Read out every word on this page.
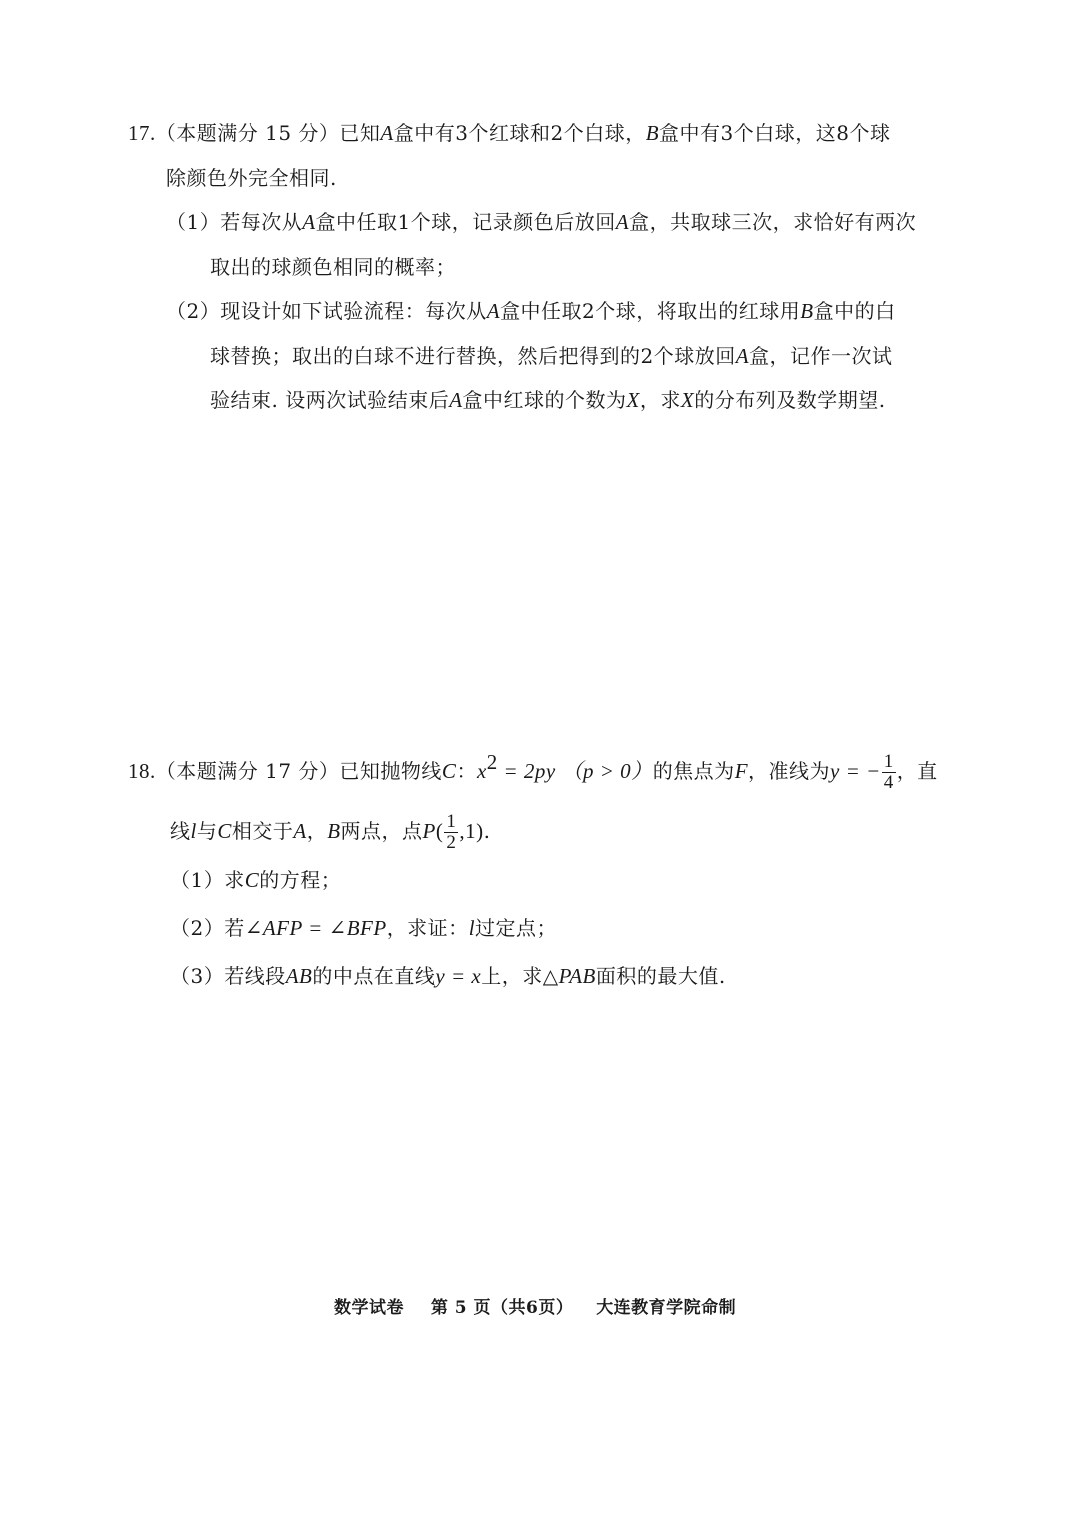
17.（本题满分 15 分）已知A盒中有3个红球和2个白球，B盒中有3个白球，这8个球
除颜色外完全相同.
（1）若每次从A盒中任取1个球，记录颜色后放回A盒，共取球三次，求恰好有两次
取出的球颜色相同的概率；
（2）现设计如下试验流程：每次从A盒中任取2个球，将取出的红球用B盒中的白
球替换；取出的白球不进行替换，然后把得到的2个球放回A盒，记作一次试
验结束. 设两次试验结束后A盒中红球的个数为X，求X的分布列及数学期望.
18.（本题满分 17 分）已知抛物线C：$x^2 = 2py$ （p > 0）的焦点为F，准线为y = − $\frac{1}{4}$ ，直
线l与C相交于A，B两点，点$P( \frac{1}{2} ,1)$.
（1）求C的方程；
（2）若∠AFP = ∠BFP，求证：l过定点；
（3）若线段AB的中点在直线y = x上，求△PAB面积的最大值.
数学试卷 第 5 页（共6页） 大连教育学院命制
